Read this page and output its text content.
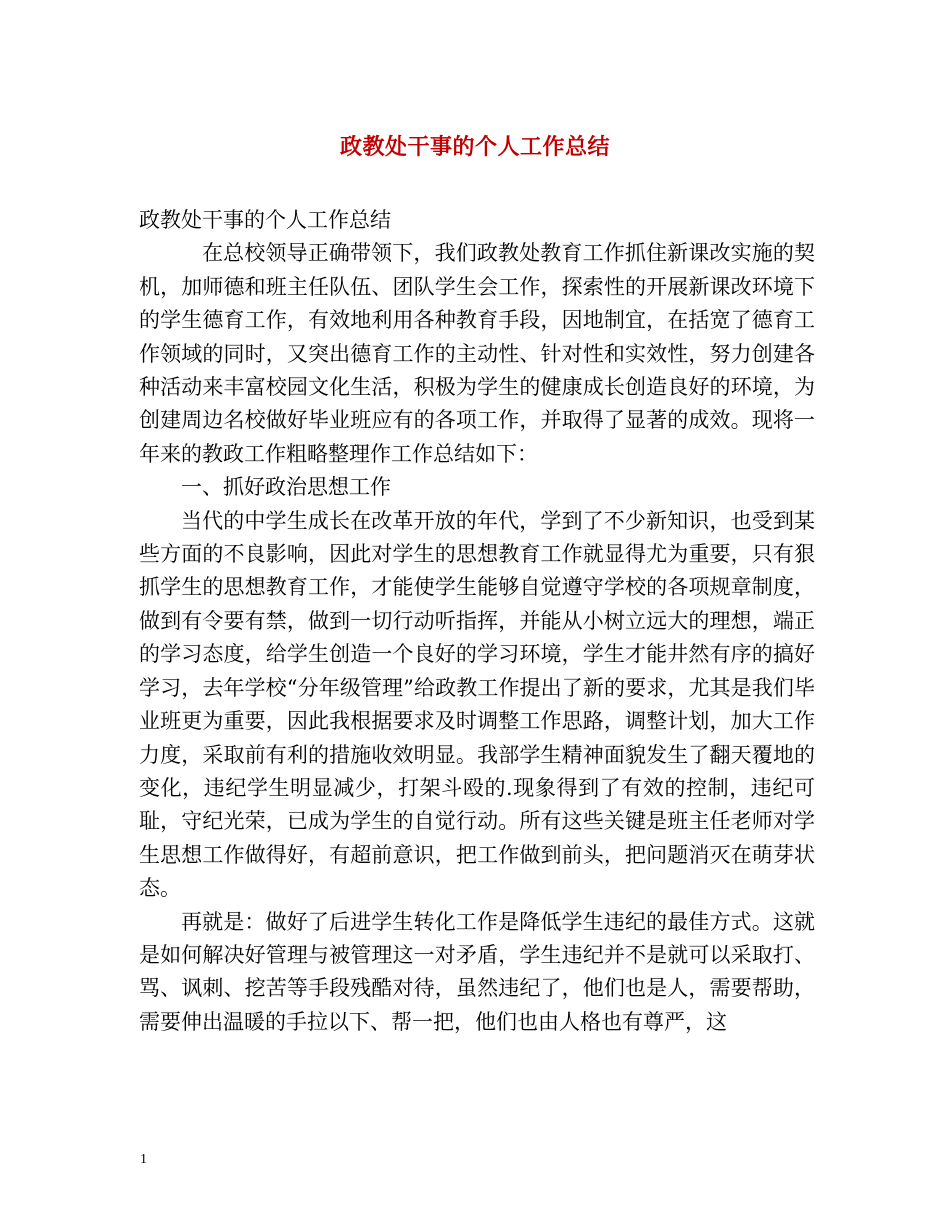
政教处干事的个人工作总结

政教处干事的个人工作总结

在总校领导正确带领下，我们政教处教育工作抓住新课改实施的契机，加师德和班主任队伍、团队学生会工作，探索性的开展新课改环境下的学生德育工作，有效地利用各种教育手段，因地制宜，在括宽了德育工作领域的同时，又突出德育工作的主动性、针对性和实效性，努力创建各种活动来丰富校园文化生活，积极为学生的健康成长创造良好的环境，为创建周边名校做好毕业班应有的各项工作，并取得了显著的成效。现将一年来的教政工作粗略整理作工作总结如下：

一、抓好政治思想工作

当代的中学生成长在改革开放的年代，学到了不少新知识，也受到某些方面的不良影响，因此对学生的思想教育工作就显得尤为重要，只有狠抓学生的思想教育工作，才能使学生能够自觉遵守学校的各项规章制度，做到有令要有禁，做到一切行动听指挥，并能从小树立远大的理想，端正的学习态度，给学生创造一个良好的学习环境，学生才能井然有序的搞好学习，去年学校“分年级管理”给政教工作提出了新的要求，尤其是我们毕业班更为重要，因此我根据要求及时调整工作思路，调整计划，加大工作力度，采取前有利的措施收效明显。我部学生精神面貌发生了翻天覆地的变化，违纪学生明显减少，打架斗殴的.现象得到了有效的控制，违纪可耻，守纪光荣，已成为学生的自觉行动。所有这些关键是班主任老师对学生思想工作做得好，有超前意识，把工作做到前头，把问题消灭在萌芽状态。

再就是：做好了后进学生转化工作是降低学生违纪的最佳方式。这就是如何解决好管理与被管理这一对矛盾，学生违纪并不是就可以采取打、骂、讽刺、挖苦等手段残酷对待，虽然违纪了，他们也是人，需要帮助，需要伸出温暖的手拉以下、帮一把，他们也由人格也有尊严，这

1
